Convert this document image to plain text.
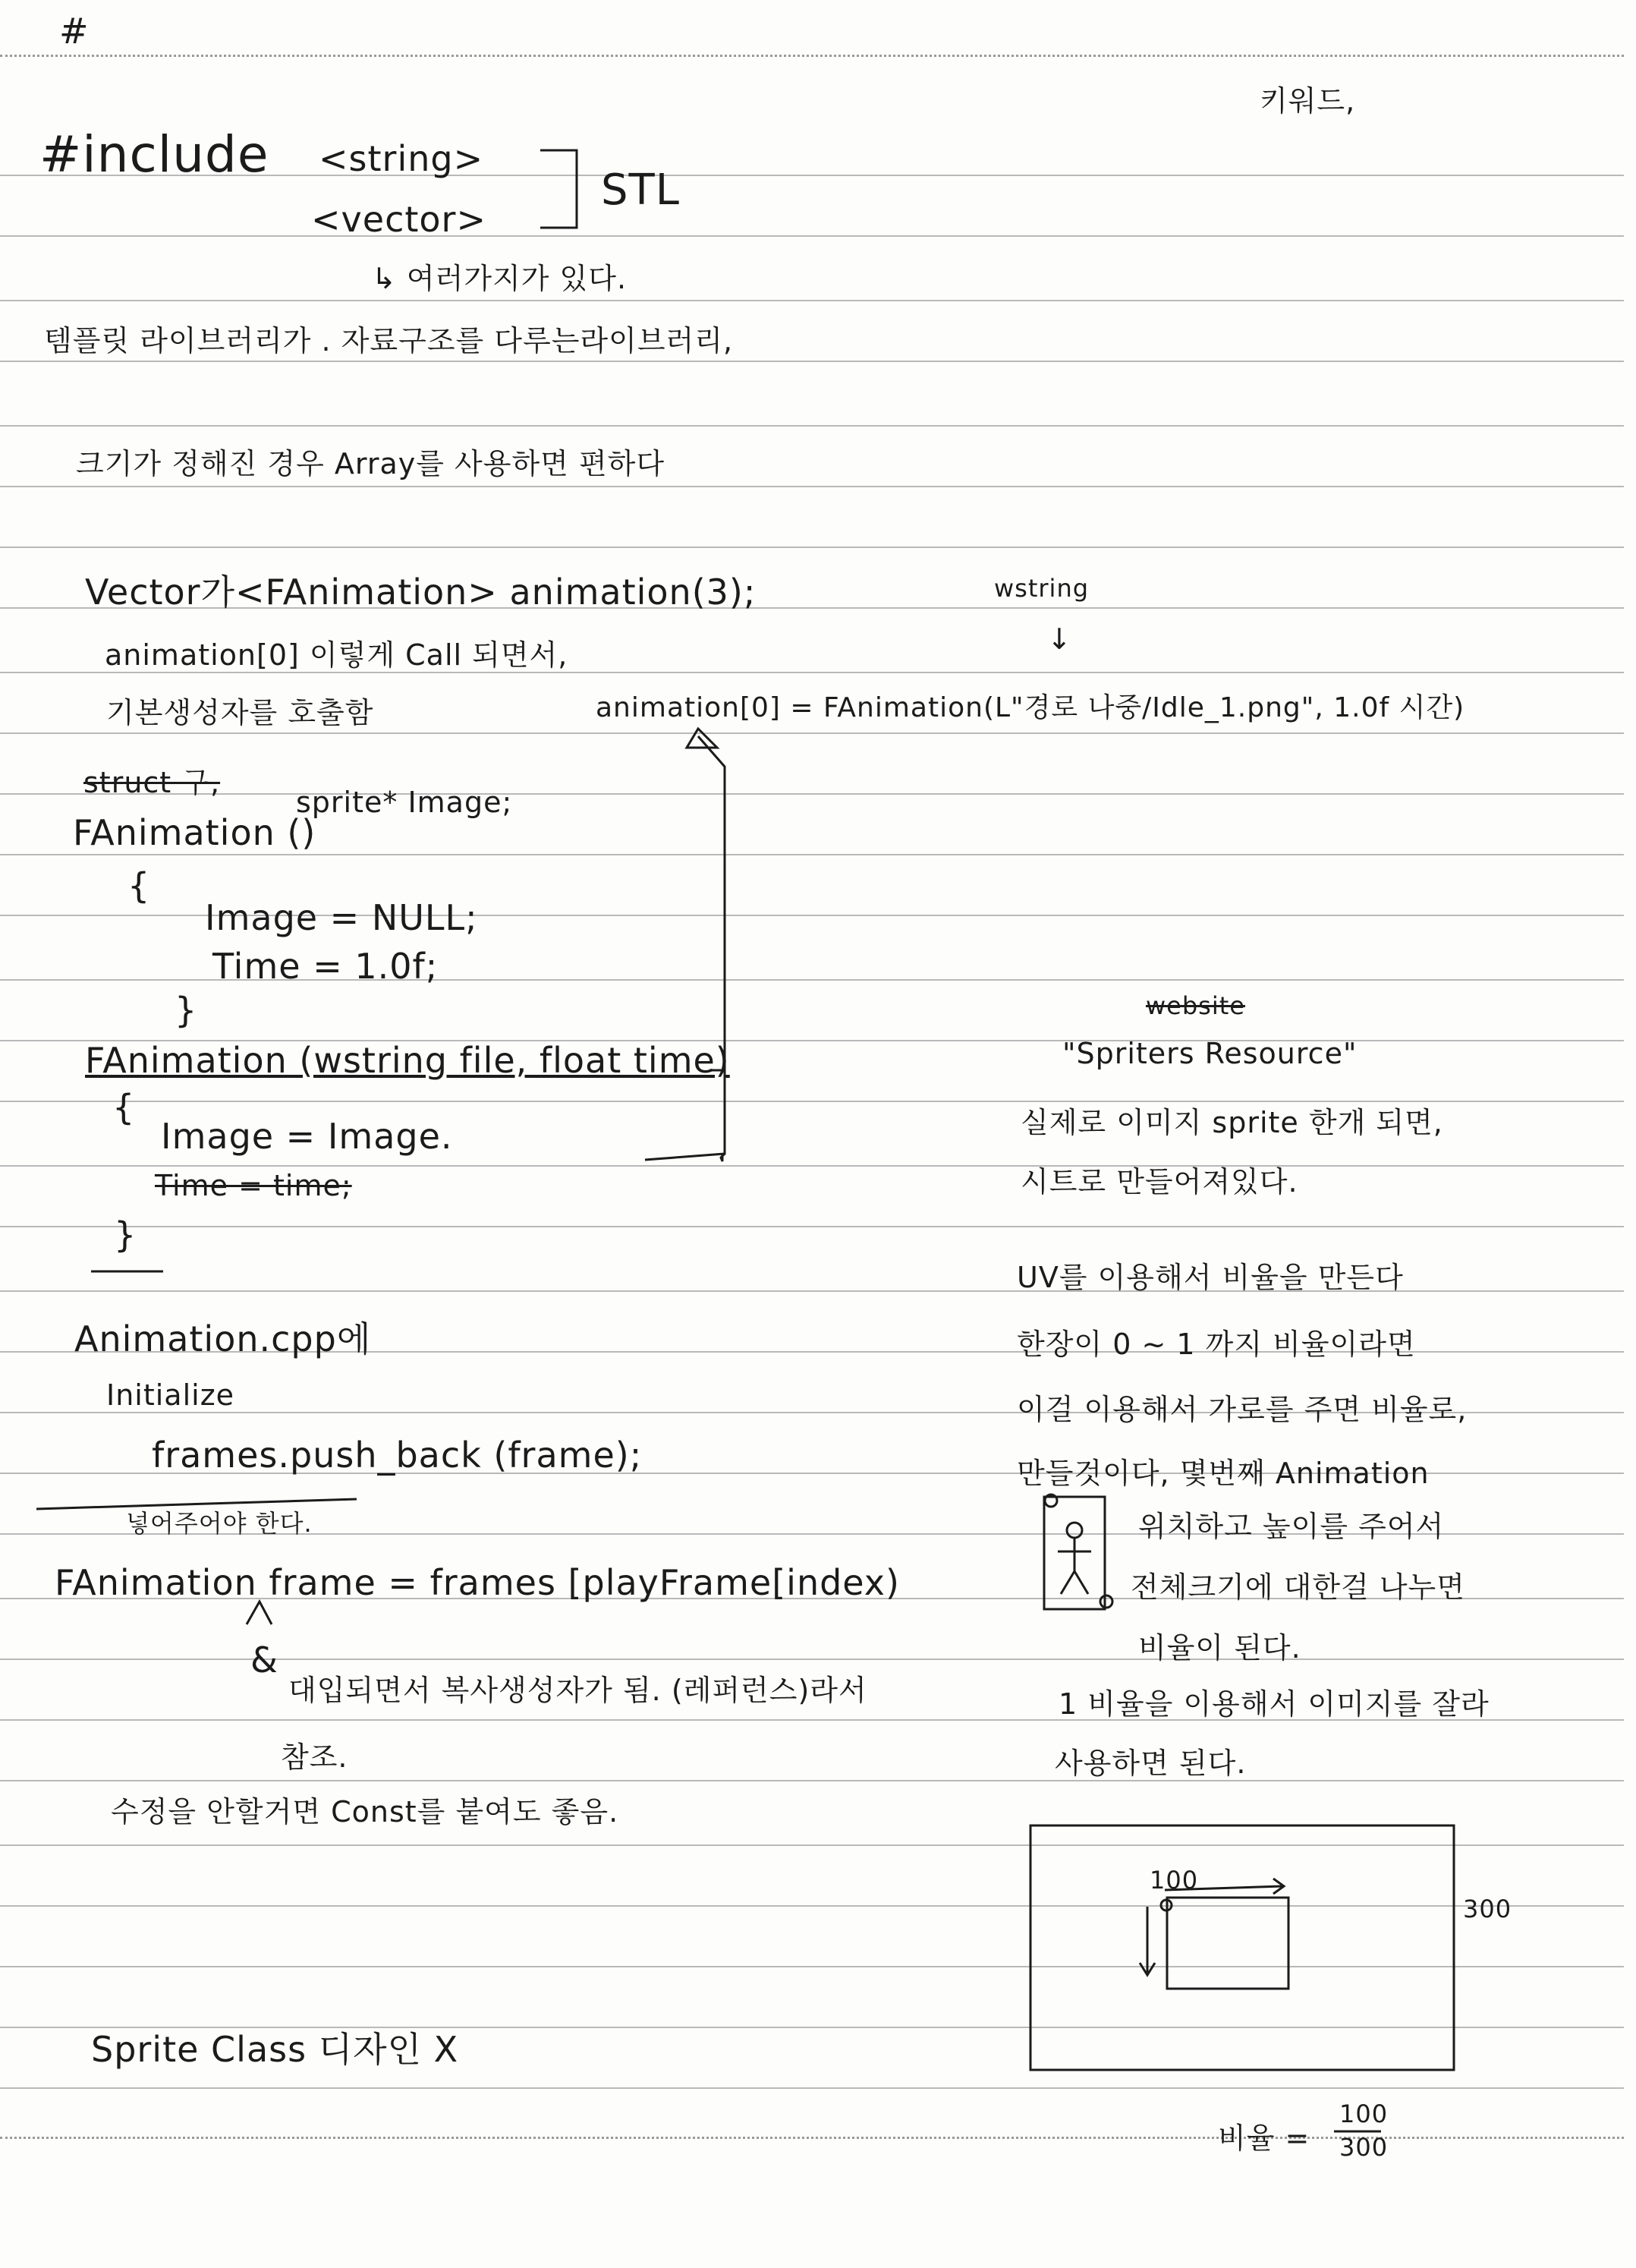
#
키워드,
#include <string>
<vector>
STL
↳ 여러가지가 있다.
템플릿 라이브러리가 . 자료구조를 다루는라이브러리,
크기가 정해진 경우 Array를 사용하면 편하다
Vector가<FAnimation> animation(3);
animation[0] 이렇게 Call 되면서,
기본생성자를 호출함
struct 구,
sprite* Image;
FAnimation ()
{
Image = NULL;
Time = 1.0f;
}
FAnimation (wstring file, float time)
{
Image = Image.
Time = time;
}
Animation.cpp에
Initialize
frames.push_back (frame);
넣어주어야 한다.
FAnimation frame = frames [playFrame[index)
&
대입되면서 복사생성자가 됨. (레퍼런스)라서
참조.
수정을 안할거면 Const를 붙여도 좋음.
Sprite Class 디자인 X
wstring
↓
animation[0] = FAnimation(L"경로 나중/Idle_1.png", 1.0f 시간)
website
"Spriters Resource"
실제로 이미지 sprite 한개 되면,
시트로 만들어져있다.
UV를 이용해서 비율을 만든다
한장이 0 ~ 1 까지 비율이라면
이걸 이용해서 가로를 주면 비율로,
만들것이다, 몇번째 Animation
위치하고 높이를 주어서
전체크기에 대한걸 나누면
비율이 된다.
1 비율을 이용해서 이미지를 잘라
사용하면 된다.
100
300
비율 =
100
300
